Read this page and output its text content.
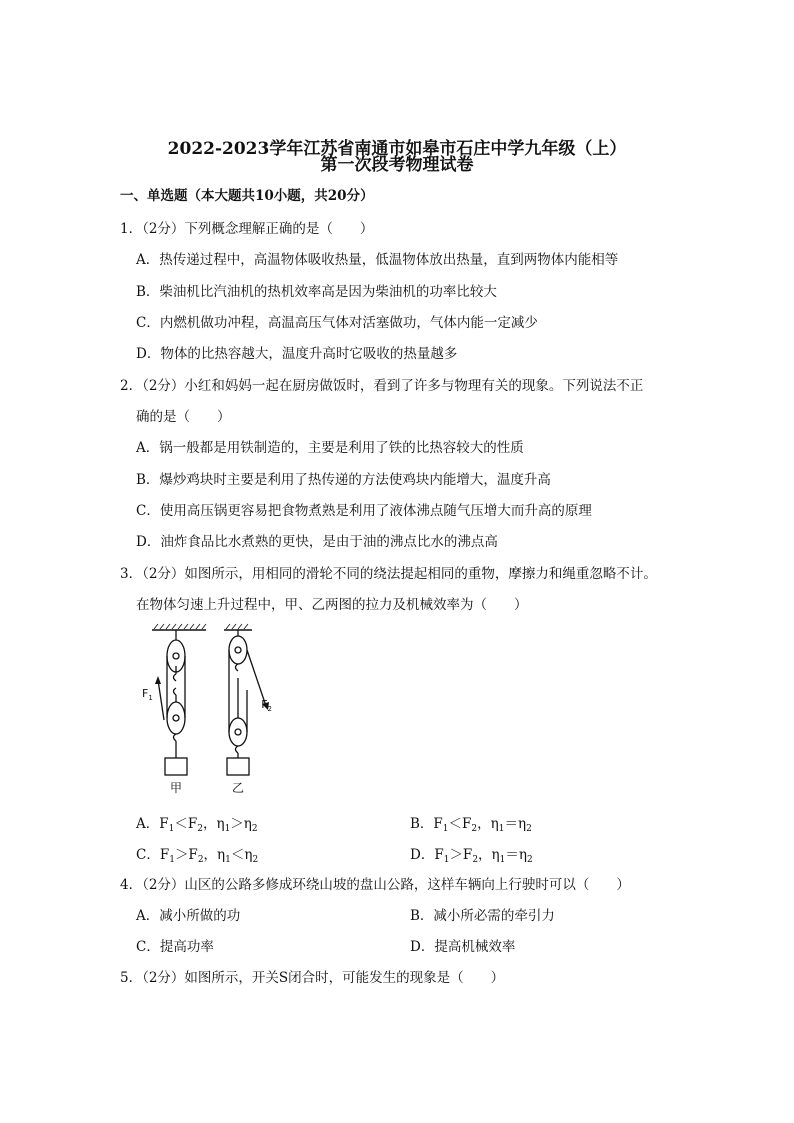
2022-2023学年江苏省南通市如皋市石庄中学九年级（上）
第一次段考物理试卷
一、单选题（本大题共10小题，共20分）
1．（2分）下列概念理解正确的是（　　）
A．热传递过程中，高温物体吸收热量，低温物体放出热量，直到两物体内能相等
B．柴油机比汽油机的热机效率高是因为柴油机的功率比较大
C．内燃机做功冲程，高温高压气体对活塞做功，气体内能一定减少
D．物体的比热容越大，温度升高时它吸收的热量越多
2．（2分）小红和妈妈一起在厨房做饭时，看到了许多与物理有关的现象。下列说法不正
确的是（　　）
A．锅一般都是用铁制造的，主要是利用了铁的比热容较大的性质
B．爆炒鸡块时主要是利用了热传递的方法使鸡块内能增大，温度升高
C．使用高压锅更容易把食物煮熟是利用了液体沸点随气压增大而升高的原理
D．油炸食品比水煮熟的更快，是由于油的沸点比水的沸点高
3．（2分）如图所示，用相同的滑轮不同的绕法提起相同的重物，摩擦力和绳重忽略不计。
在物体匀速上升过程中，甲、乙两图的拉力及机械效率为（　　）
$F_1$	$F_2$
甲	乙
A．$F_1<F_2$，$\eta_1>\eta_2$	B．$F_1<F_2$，$\eta_1=\eta_2$
C．$F_1>F_2$，$\eta_1<\eta_2$	D．$F_1>F_2$，$\eta_1=\eta_2$
4．（2分）山区的公路多修成环绕山坡的盘山公路，这样车辆向上行驶时可以（　　）
A．减小所做的功	B．减小所必需的牵引力
C．提高功率	D．提高机械效率
5．（2分）如图所示，开关S闭合时，可能发生的现象是（　　）
